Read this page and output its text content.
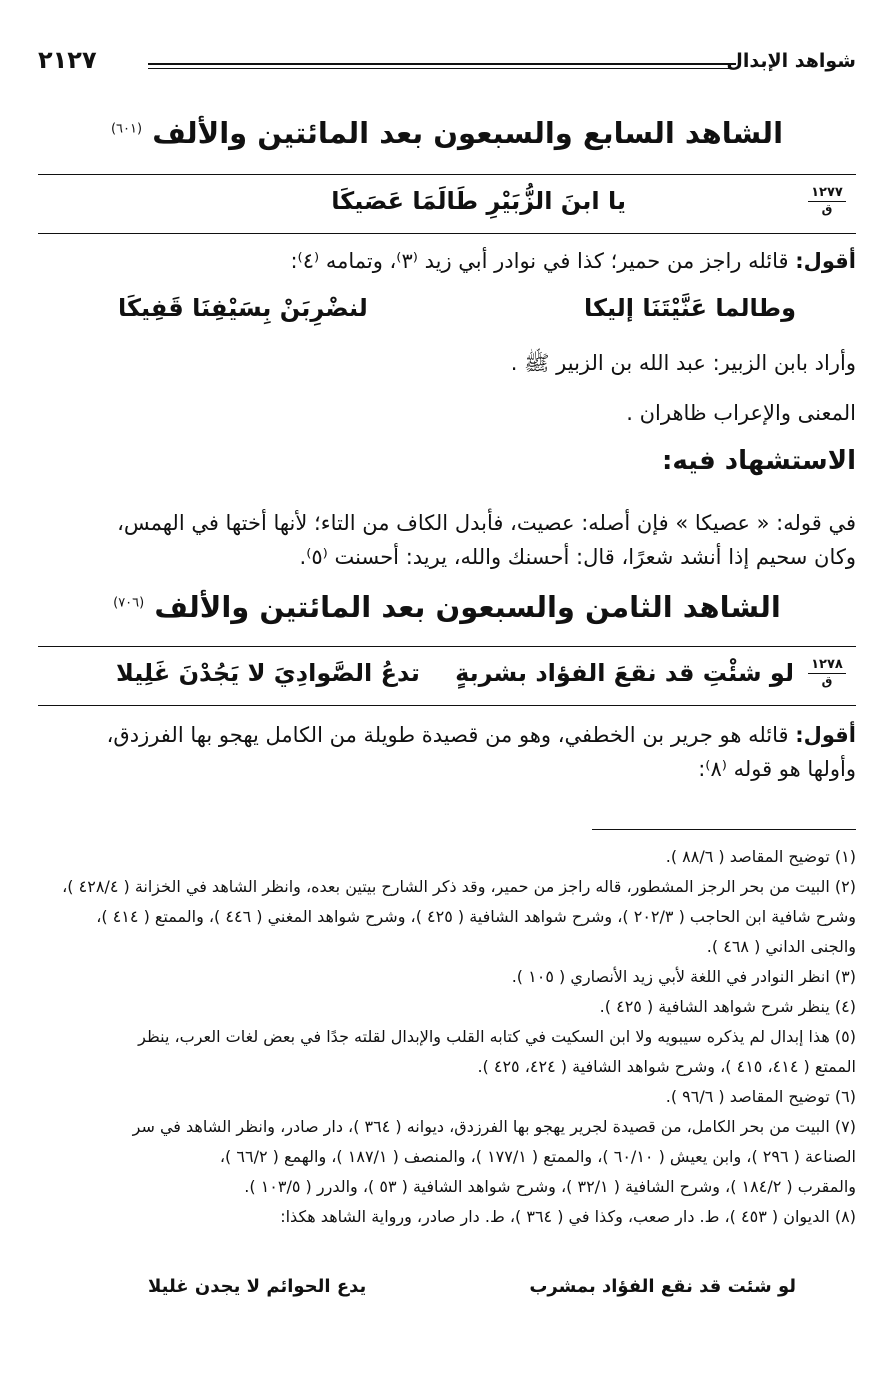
شواهد الإبدال
٢١٢٧
الشاهد السابع والسبعون بعد المائتين والألف $^{(٦٠١)}$
١٢٧٧
ق
يا ابنَ الزُّبَيْرِ طَالَمَا عَصَيكَا
أقول: قائله راجز من حمير؛ كذا في نوادر أبي زيد ⁽٣⁾، وتمامه ⁽٤⁾:
وطالما عَنَّيْتَنَا إليكا
لنضْرِبَنْ بِسَيْفِنَا قَفِيكَا
وأراد بابن الزبير: عبد الله بن الزبير ﷺ .
المعنى والإعراب ظاهران .
الاستشهاد فيه:
في قوله: « عصيكا » فإن أصله: عصيت، فأبدل الكاف من التاء؛ لأنها أختها في الهمس،
وكان سحيم إذا أنشد شعرًا، قال: أحسنك والله، يريد: أحسنت ⁽٥⁾.
الشاهد الثامن والسبعون بعد المائتين والألف $^{(٧٠٦)}$
١٢٧٨
ق
لو شئْتِ قد نقعَ الفؤاد بشربةٍ
تدعُ الصَّوادِيَ لا يَجُدْنَ غَلِيلا
أقول: قائله هو جرير بن الخطفي، وهو من قصيدة طويلة من الكامل يهجو بها الفرزدق،
وأولها هو قوله ⁽٨⁾:
(١) توضيح المقاصد ( ٨٨/٦ ).
(٢) البيت من بحر الرجز المشطور، قاله راجز من حمير، وقد ذكر الشارح بيتين بعده، وانظر الشاهد في الخزانة ( ٤٢٨/٤ )،
وشرح شافية ابن الحاجب ( ٢٠٢/٣ )، وشرح شواهد الشافية ( ٤٢٥ )، وشرح شواهد المغني ( ٤٤٦ )، والممتع ( ٤١٤ )،
والجنى الداني ( ٤٦٨ ).
(٣) انظر النوادر في اللغة لأبي زيد الأنصاري ( ١٠٥ ).
(٤) ينظر شرح شواهد الشافية ( ٤٢٥ ).
(٥) هذا إبدال لم يذكره سيبويه ولا ابن السكيت في كتابه القلب والإبدال لقلته جدًا في بعض لغات العرب، ينظر
الممتع ( ٤١٤، ٤١٥ )، وشرح شواهد الشافية ( ٤٢٤، ٤٢٥ ).
(٦) توضيح المقاصد ( ٩٦/٦ ).
(٧) البيت من بحر الكامل، من قصيدة لجرير يهجو بها الفرزدق، ديوانه ( ٣٦٤ )، دار صادر، وانظر الشاهد في سر
الصناعة ( ٢٩٦ )، وابن يعيش ( ٦٠/١٠ )، والممتع ( ١٧٧/١ )، والمنصف ( ١٨٧/١ )، والهمع ( ٦٦/٢ )،
والمقرب ( ١٨٤/٢ )، وشرح الشافية ( ٣٢/١ )، وشرح شواهد الشافية ( ٥٣ )، والدرر ( ١٠٣/٥ ).
(٨) الديوان ( ٤٥٣ )، ط. دار صعب، وكذا في ( ٣٦٤ )، ط. دار صادر، ورواية الشاهد هكذا:
لو شئت قد نقع الفؤاد بمشرب
يدع الحوائم لا يجدن غليلا
